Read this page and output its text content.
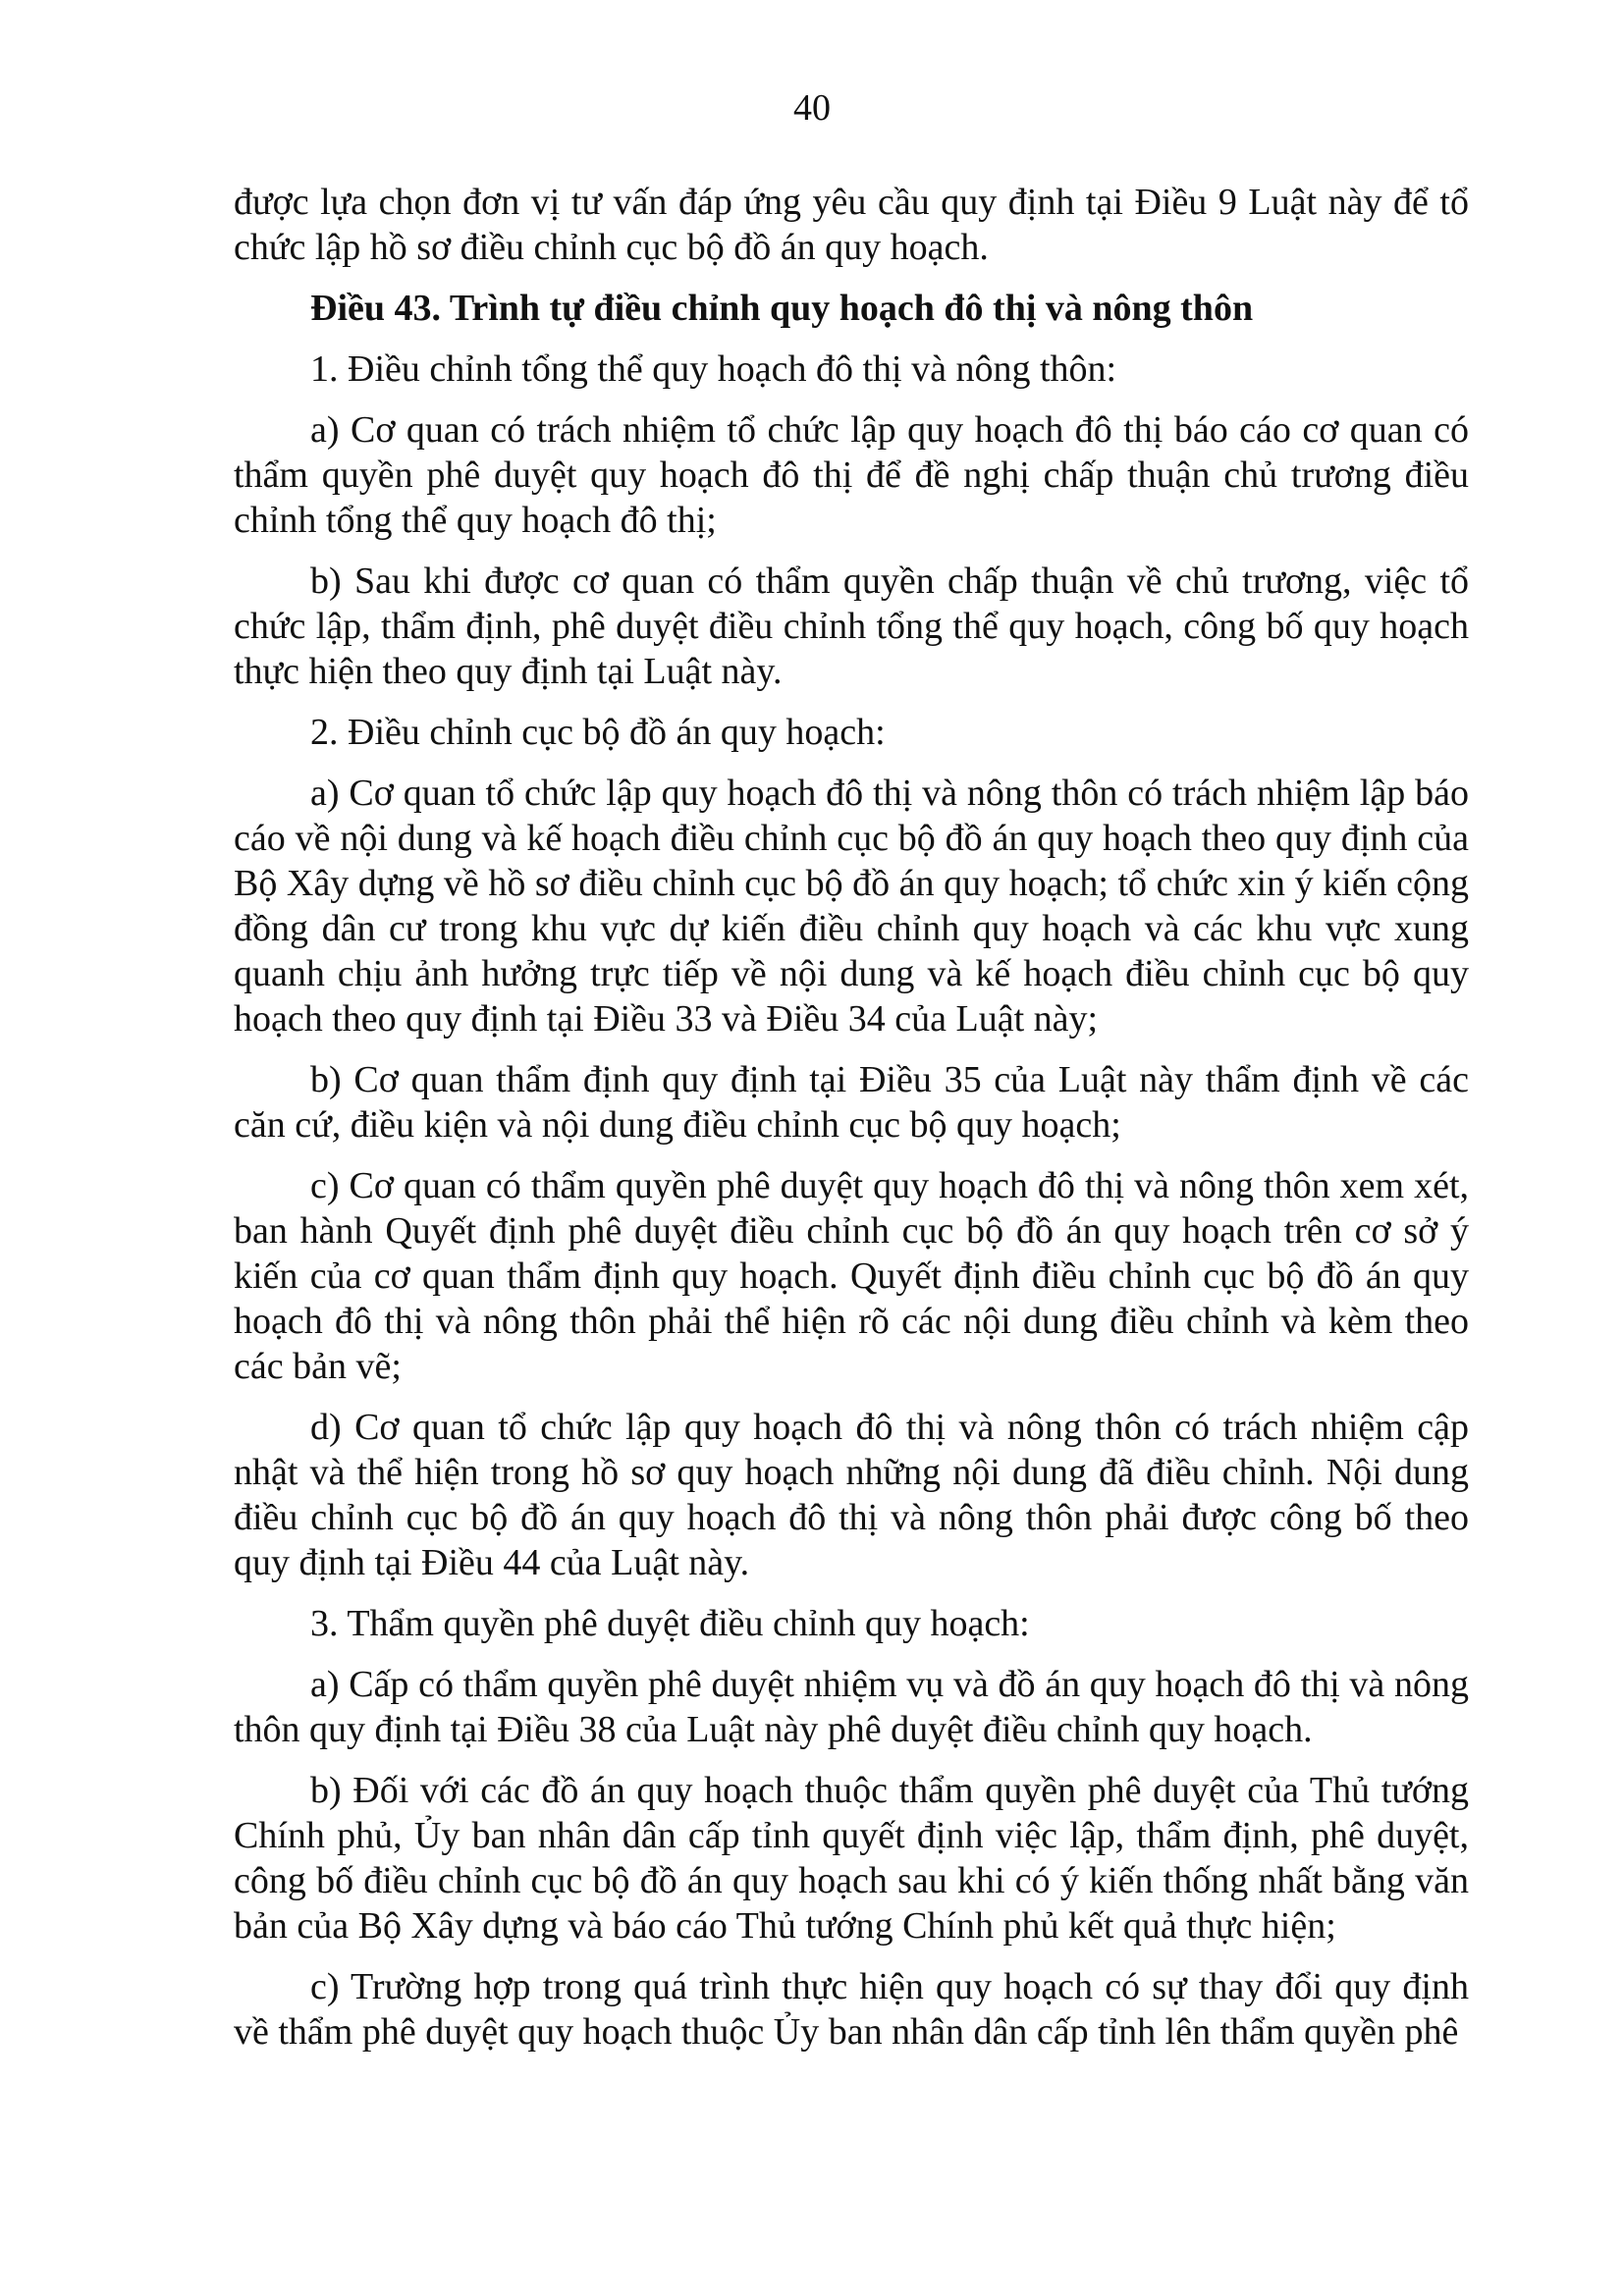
40

được lựa chọn đơn vị tư vấn đáp ứng yêu cầu quy định tại Điều 9 Luật này để tổ chức lập hồ sơ điều chỉnh cục bộ đồ án quy hoạch.

Điều 43. Trình tự điều chỉnh quy hoạch đô thị và nông thôn

1. Điều chỉnh tổng thể quy hoạch đô thị và nông thôn:

a) Cơ quan có trách nhiệm tổ chức lập quy hoạch đô thị báo cáo cơ quan có thẩm quyền phê duyệt quy hoạch đô thị để đề nghị chấp thuận chủ trương điều chỉnh tổng thể quy hoạch đô thị;

b) Sau khi được cơ quan có thẩm quyền chấp thuận về chủ trương, việc tổ chức lập, thẩm định, phê duyệt điều chỉnh tổng thể quy hoạch, công bố quy hoạch thực hiện theo quy định tại Luật này.

2. Điều chỉnh cục bộ đồ án quy hoạch:

a) Cơ quan tổ chức lập quy hoạch đô thị và nông thôn có trách nhiệm lập báo cáo về nội dung và kế hoạch điều chỉnh cục bộ đồ án quy hoạch theo quy định của Bộ Xây dựng về hồ sơ điều chỉnh cục bộ đồ án quy hoạch; tổ chức xin ý kiến cộng đồng dân cư trong khu vực dự kiến điều chỉnh quy hoạch và các khu vực xung quanh chịu ảnh hưởng trực tiếp về nội dung và kế hoạch điều chỉnh cục bộ quy hoạch theo quy định tại Điều 33 và Điều 34 của Luật này;

b) Cơ quan thẩm định quy định tại Điều 35 của Luật này thẩm định về các căn cứ, điều kiện và nội dung điều chỉnh cục bộ quy hoạch;

c) Cơ quan có thẩm quyền phê duyệt quy hoạch đô thị và nông thôn xem xét, ban hành Quyết định phê duyệt điều chỉnh cục bộ đồ án quy hoạch trên cơ sở ý kiến của cơ quan thẩm định quy hoạch. Quyết định điều chỉnh cục bộ đồ án quy hoạch đô thị và nông thôn phải thể hiện rõ các nội dung điều chỉnh và kèm theo các bản vẽ;

d) Cơ quan tổ chức lập quy hoạch đô thị và nông thôn có trách nhiệm cập nhật và thể hiện trong hồ sơ quy hoạch những nội dung đã điều chỉnh. Nội dung điều chỉnh cục bộ đồ án quy hoạch đô thị và nông thôn phải được công bố theo quy định tại Điều 44 của Luật này.

3. Thẩm quyền phê duyệt điều chỉnh quy hoạch:

a) Cấp có thẩm quyền phê duyệt nhiệm vụ và đồ án quy hoạch đô thị và nông thôn quy định tại Điều 38 của Luật này phê duyệt điều chỉnh quy hoạch.

b) Đối với các đồ án quy hoạch thuộc thẩm quyền phê duyệt của Thủ tướng Chính phủ, Ủy ban nhân dân cấp tỉnh quyết định việc lập, thẩm định, phê duyệt, công bố điều chỉnh cục bộ đồ án quy hoạch sau khi có ý kiến thống nhất bằng văn bản của Bộ Xây dựng và báo cáo Thủ tướng Chính phủ kết quả thực hiện;

c) Trường hợp trong quá trình thực hiện quy hoạch có sự thay đổi quy định về thẩm phê duyệt quy hoạch thuộc Ủy ban nhân dân cấp tỉnh lên thẩm quyền phê
